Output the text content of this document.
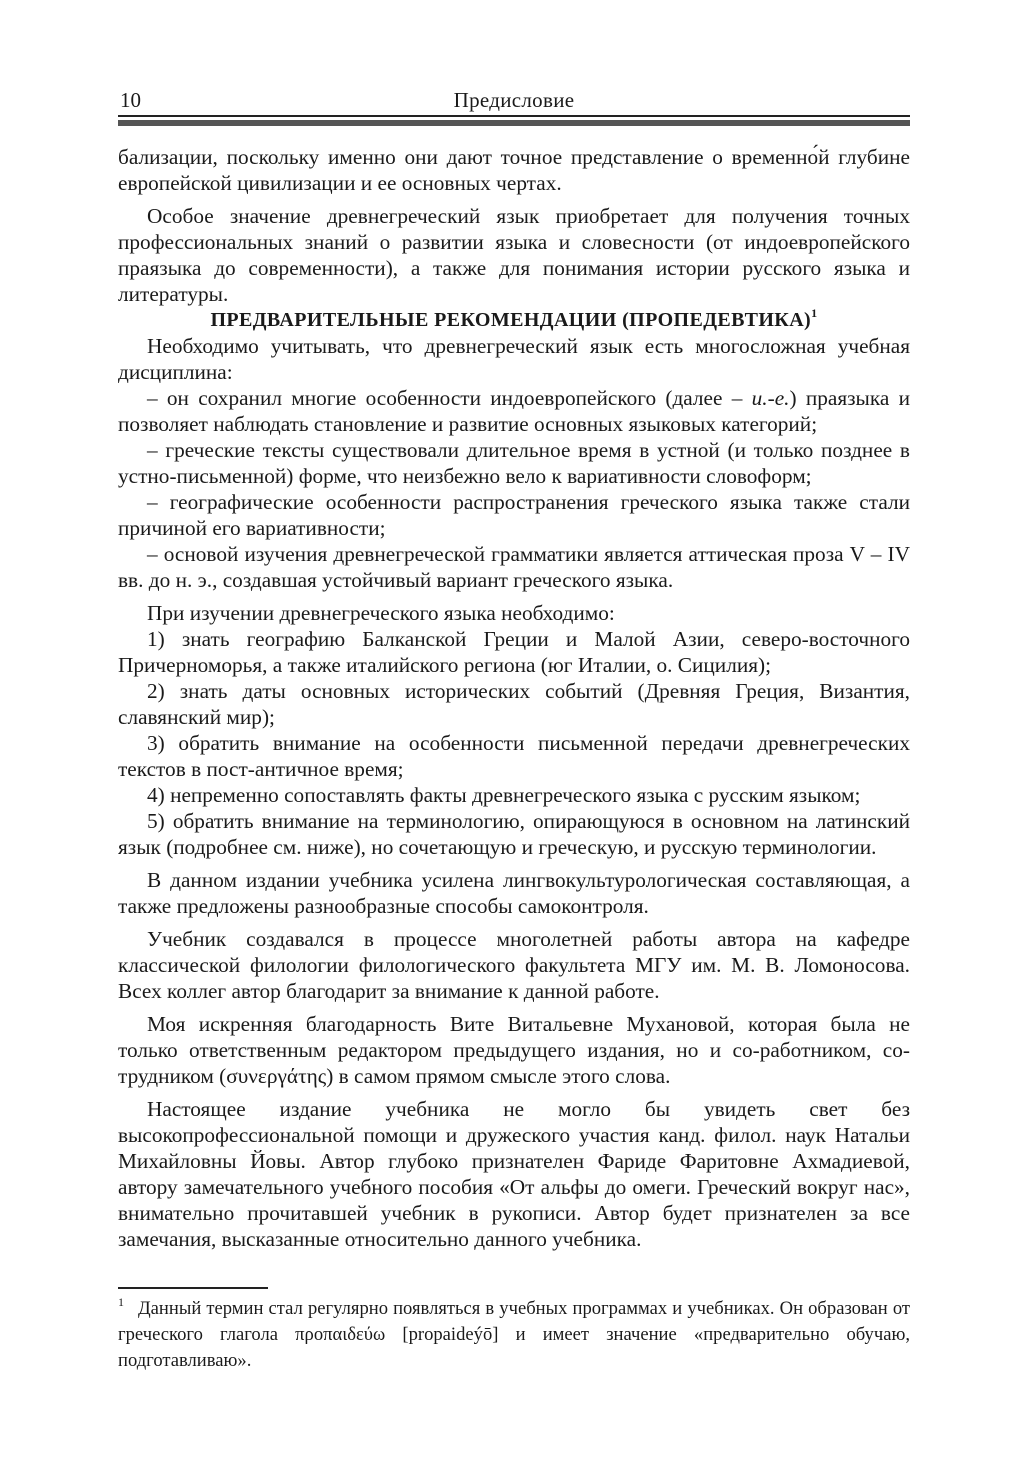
10	Предисловие

бализации, поскольку именно они дают точное представление о временно́й глубине европейской цивилизации и ее основных чертах.

Особое значение древнегреческий язык приобретает для получения точных профессиональных знаний о развитии языка и словесности (от индоевропейского праязыка до современности), а также для понимания истории русского языка и литературы.

ПРЕДВАРИТЕЛЬНЫЕ РЕКОМЕНДАЦИИ (ПРОПЕДЕВТИКА)$^1$

Необходимо учитывать, что древнегреческий язык есть многосложная учебная дисциплина:

– он сохранил многие особенности индоевропейского (далее – и.-е.) праязыка и позволяет наблюдать становление и развитие основных языковых категорий;

– греческие тексты существовали длительное время в устной (и только позднее в устно-письменной) форме, что неизбежно вело к вариативности словоформ;

– географические особенности распространения греческого языка также стали причиной его вариативности;

– основой изучения древнегреческой грамматики является аттическая проза V – IV вв. до н. э., создавшая устойчивый вариант греческого языка.

При изучении древнегреческого языка необходимо:

1) знать географию Балканской Греции и Малой Азии, северо-восточного Причерноморья, а также италийского региона (юг Италии, о. Сицилия);

2) знать даты основных исторических событий (Древняя Греция, Византия, славянский мир);

3) обратить внимание на особенности письменной передачи древнегреческих текстов в пост-античное время;

4) непременно сопоставлять факты древнегреческого языка с русским языком;

5) обратить внимание на терминологию, опирающуюся в основном на латинский язык (подробнее см. ниже), но сочетающую и греческую, и русскую терминологии.

В данном издании учебника усилена лингвокультурологическая составляющая, а также предложены разнообразные способы самоконтроля.

Учебник создавался в процессе многолетней работы автора на кафедре классической филологии филологического факультета МГУ им. М. В. Ломоносова. Всех коллег автор благодарит за внимание к данной работе.

Моя искренняя благодарность Вите Витальевне Мухановой, которая была не только ответственным редактором предыдущего издания, но и со-работником, со-трудником (συνεργάτης) в самом прямом смысле этого слова.

Настоящее издание учебника не могло бы увидеть свет без высокопрофессиональной помощи и дружеского участия канд. филол. наук Натальи Михайловны Йовы. Автор глубоко признателен Фариде Фаритовне Ахмадиевой, автору замечательного учебного пособия «От альфы до омеги. Греческий вокруг нас», внимательно прочитавшей учебник в рукописи. Автор будет признателен за все замечания, высказанные относительно данного учебника.

$^1$ Данный термин стал регулярно появляться в учебных программах и учебниках. Он образован от греческого глагола προπαιδεύω [propaideýō] и имеет значение «предварительно обучаю, подготавливаю».
